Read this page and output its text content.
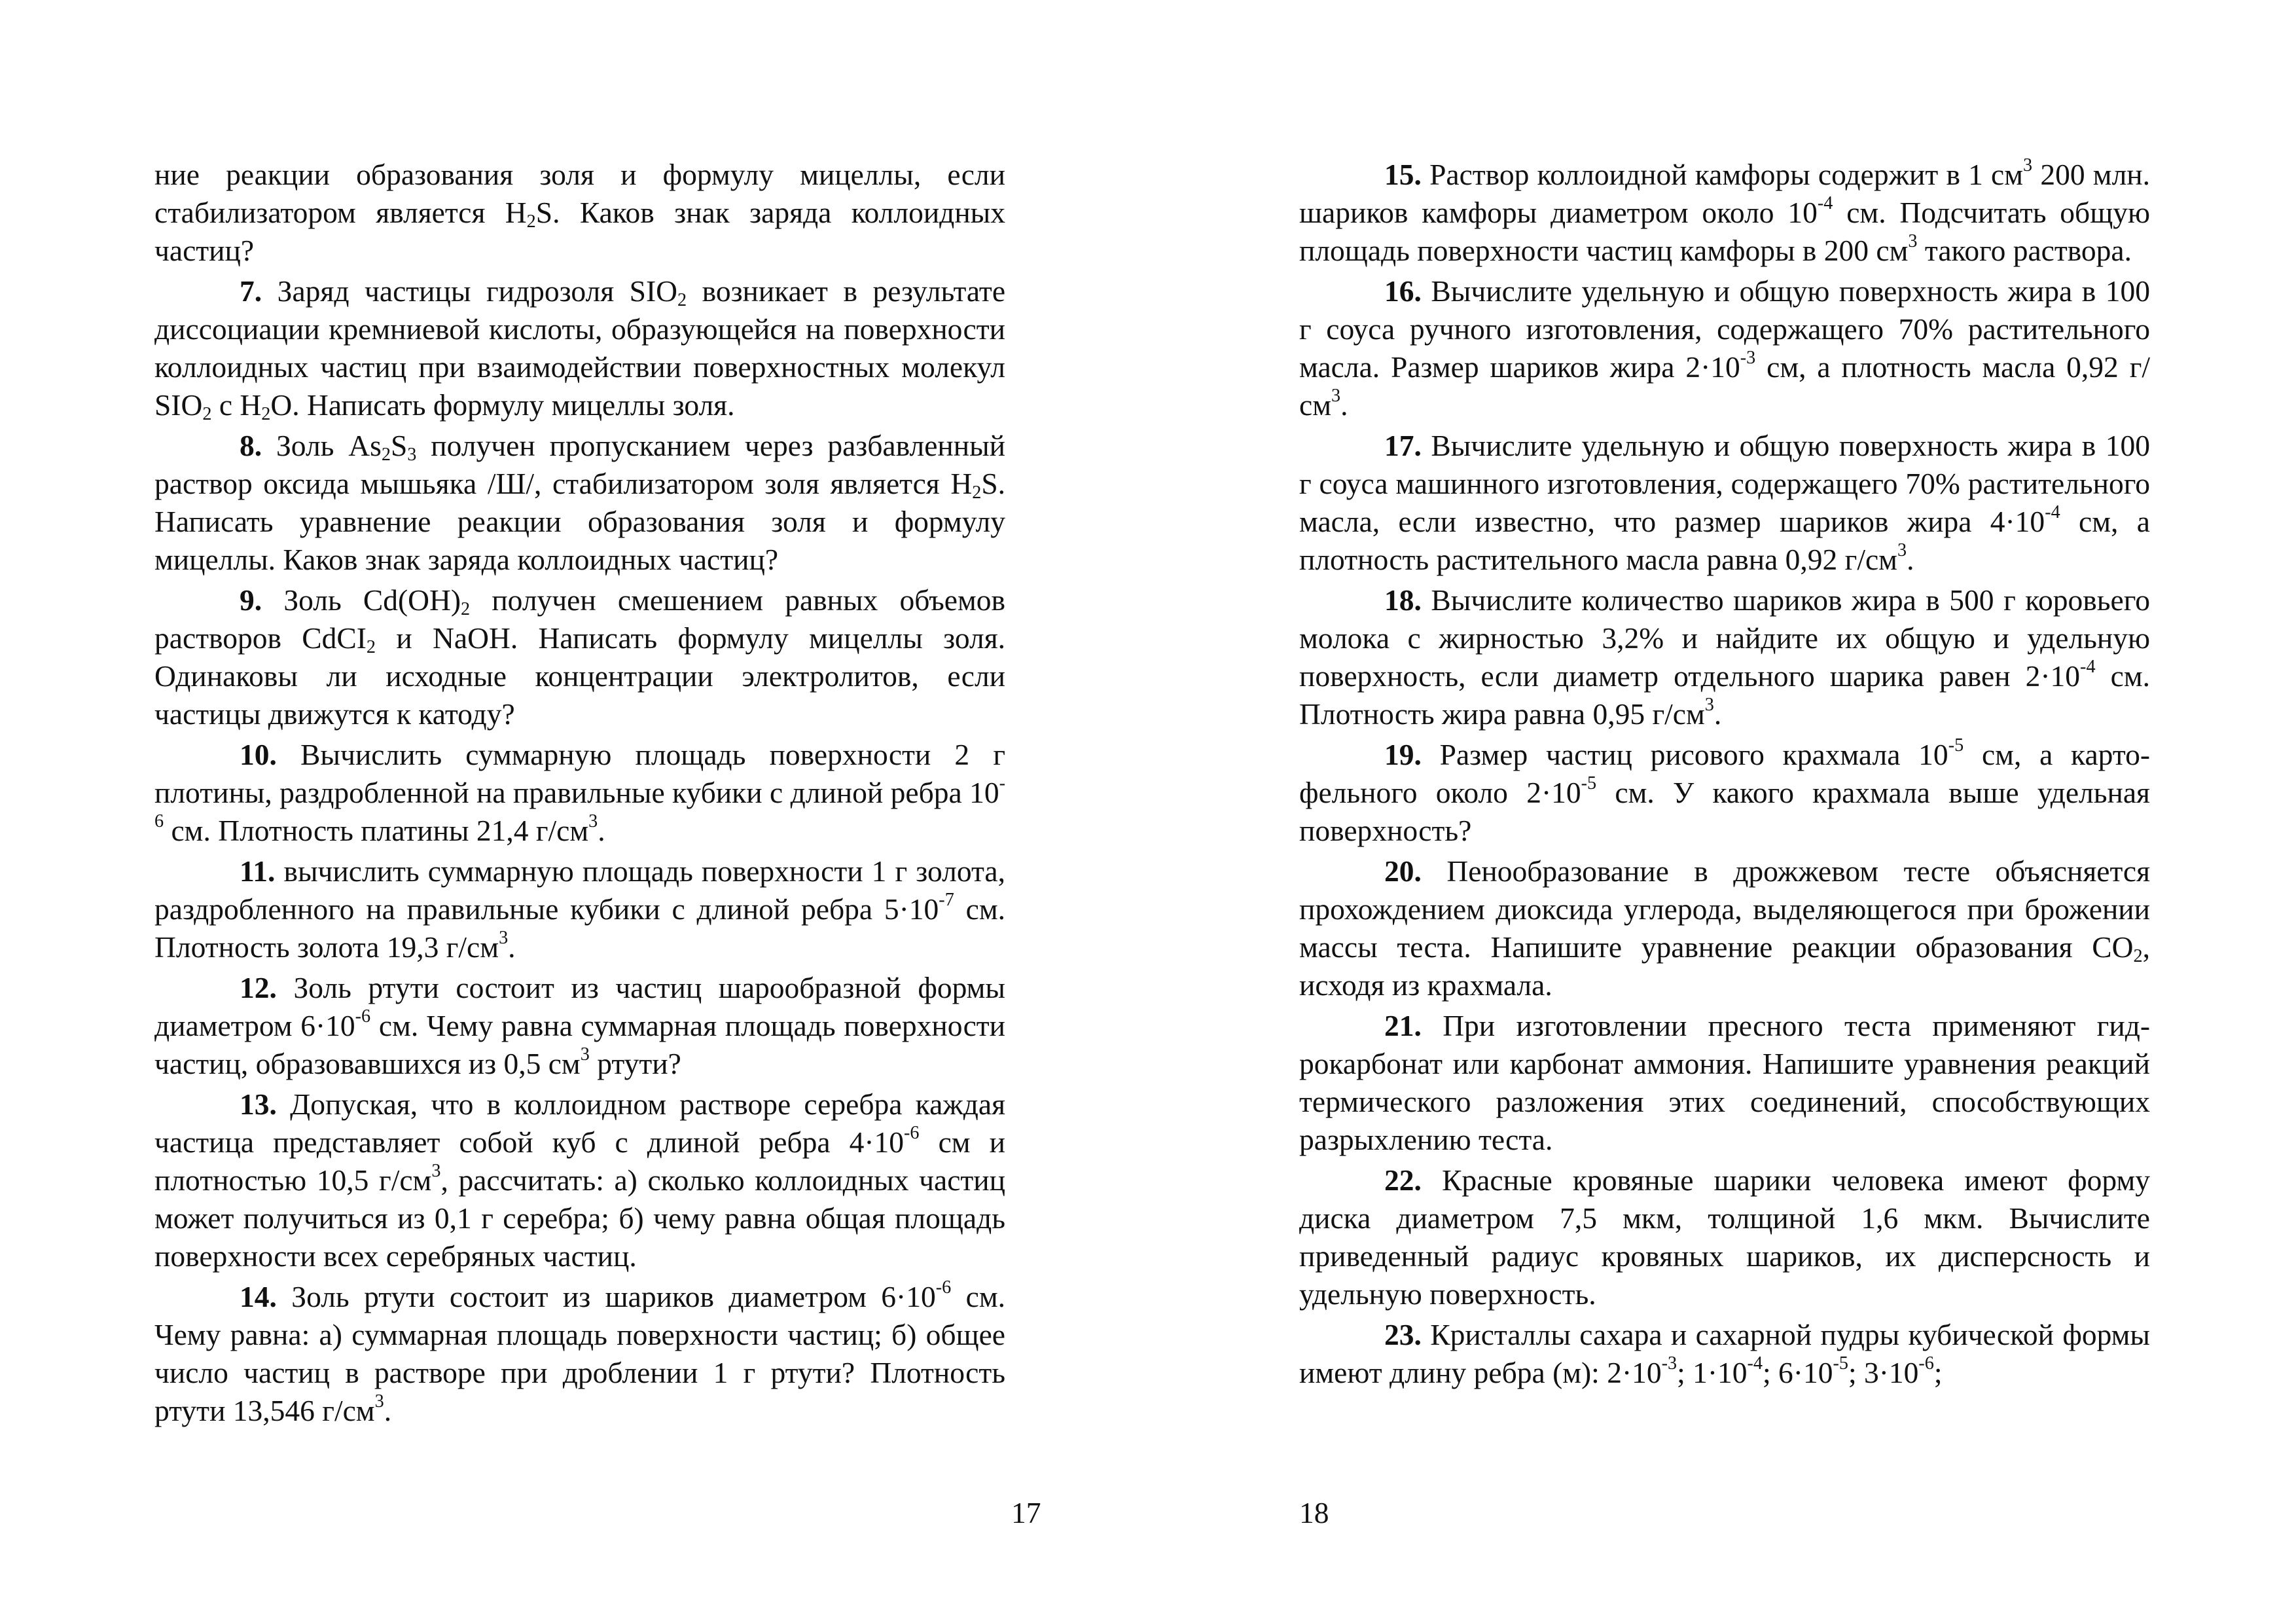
ние реакции образования золя и формулу мицеллы, если стабилизатором является $H_2S$. Каков знак заряда коллоидных частиц?

7. Заряд частицы гидрозоля $SIO_2$ возникает в результате диссоциации кремниевой кислоты, образующейся на поверхности коллоидных частиц при взаимодействии поверхностных молекул $SIO_2$ с $H_2O$. Написать формулу мицеллы золя.

8. Золь $As_2S_3$ получен пропусканием через разбавленный раствор оксида мышьяка /Ш/, стабилизатором золя является $H_2S$. Написать уравнение реакции образования золя и формулу мицеллы. Каков знак заряда коллоидных частиц?

9. Золь $Cd(OH)_2$ получен смешением равных объемов растворов CdCI$_2$ и NaOH. Написать формулу мицеллы золя. Одинаковы ли исходные концентрации электролитов, если частицы движутся к катоду?

10. Вычислить суммарную площадь поверхности 2 г плотины, раздробленной на правильные кубики с длиной ребра $10^{-6}$ см. Плотность платины 21,4 $г/см^3$.

11. вычислить суммарную площадь поверхности 1 г золота, раздробленного на правильные кубики с длиной ребра $5\cdot 10^{-7}$ см. Плотность золота 19,3 $г/см^3$.

12. Золь ртути состоит из частиц шарообразной формы диаметром $6\cdot 10^{-6}$ см. Чему равна суммарная площадь поверхности частиц, образовавшихся из 0,5 $см^3$ ртути?

13. Допуская, что в коллоидном растворе серебра каждая частица представляет собой куб с длиной ребра $4\cdot 10^{-6}$ см и плотностью 10,5 $г/см^3$, рассчитать: а) сколько коллоидных частиц может получиться из 0,1 г серебра; б) чему равна общая площадь поверхности всех серебряных частиц.

14. Золь ртути состоит из шариков диаметром $6\cdot 10^{-6}$ см. Чему равна: а) суммарная площадь поверхности частиц; б) общее число частиц в растворе при дроблении 1 г ртути? Плотность ртути 13,546 $г/см^3$.

15. Раствор коллоидной камфоры содержит в 1 $см^3$ 200 млн. шариков камфоры диаметром около $10^{-4}$ см. Подсчитать общую площадь поверхности частиц камфоры в 200 $см^3$ такого раствора.

16. Вычислите удельную и общую поверхность жира в 100 г соуса ручного изготовления, содержащего 70% растительного масла. Размер шариков жира $2\cdot 10^{-3}$ см, а плотность масла 0,92 $г/см^3$.

17. Вычислите удельную и общую поверхность жира в 100 г соуса машинного изготовления, содержащего 70% растительного масла, если известно, что размер шариков жира $4\cdot 10^{-4}$ см, а плотность растительного масла равна 0,92 $г/см^3$.

18. Вычислите количество шариков жира в 500 г коровьего молока с жирностью 3,2% и найдите их общую и удельную поверхность, если диаметр отдельного шарика равен $2\cdot 10^{-4}$ см. Плотность жира равна 0,95 $г/см^3$.

19. Размер частиц рисового крахмала $10^{-5}$ см, а картофельного около $2\cdot 10^{-5}$ см. У какого крахмала выше удельная поверхность?

20. Пенообразование в дрожжевом тесте объясняется прохождением диоксида углерода, выделяющегося при брожении массы теста. Напишите уравнение реакции образования $CO_2$, исходя из крахмала.

21. При изготовлении пресного теста применяют гидрокарбонат или карбонат аммония. Напишите уравнения реакций термического разложения этих соединений, способствующих разрыхлению теста.

22. Красные кровяные шарики человека имеют форму диска диаметром 7,5 мкм, толщиной 1,6 мкм. Вычислите приведенный радиус кровяных шариков, их дисперсность и удельную поверхность.

23. Кристаллы сахара и сахарной пудры кубической формы имеют длину ребра (м): $2\cdot 10^{-3}$; $1\cdot 10^{-4}$; $6\cdot 10^{-5}$; $3\cdot 10^{-6}$;

17	18
